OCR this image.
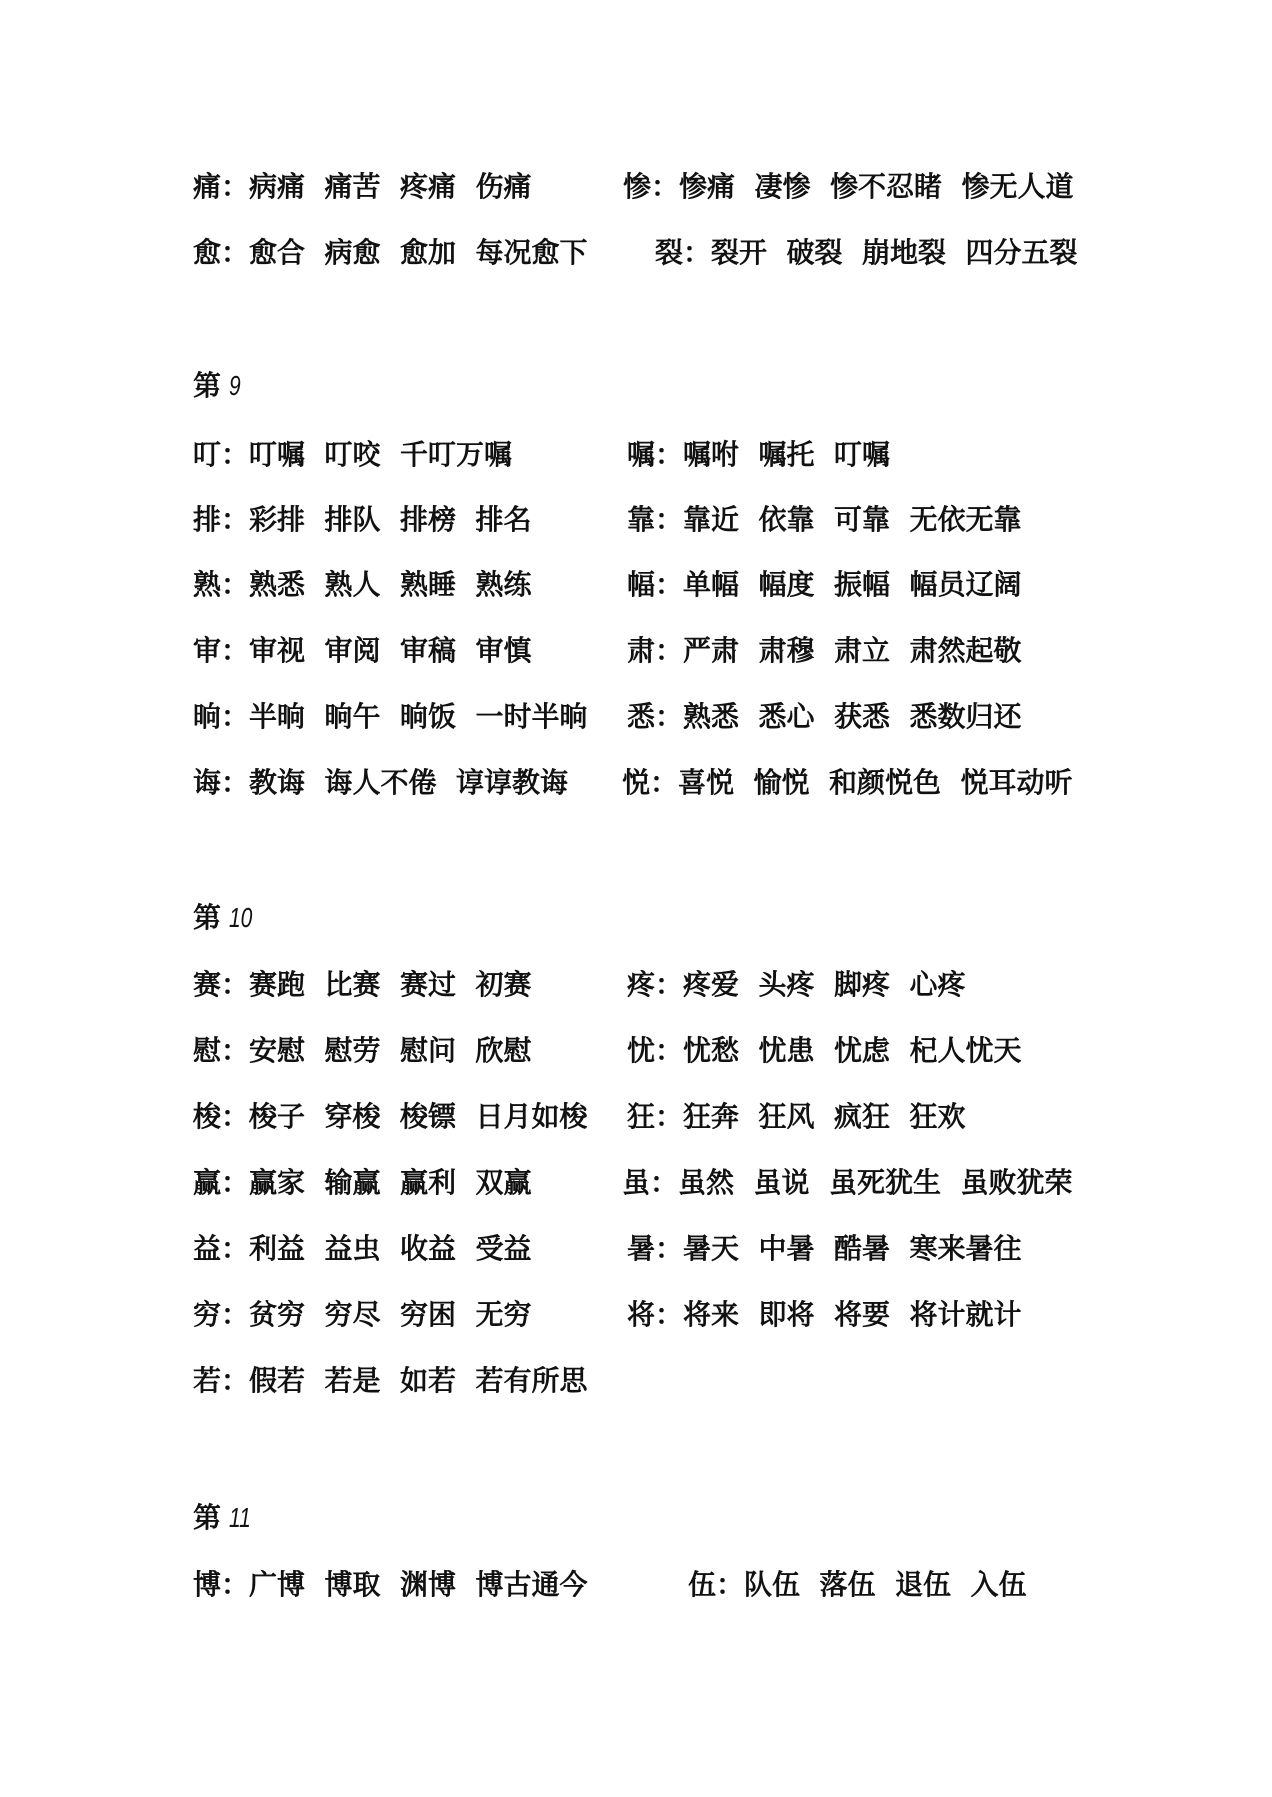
痛：病痛  痛苦  疼痛  伤痛	惨：惨痛  凄惨  惨不忍睹  惨无人道
愈：愈合  病愈  愈加  每况愈下 裂：裂开  破裂  崩地裂  四分五裂
第 9
叮：叮嘱  叮咬  千叮万嘱	嘱：嘱咐  嘱托  叮嘱
排：彩排  排队  排榜  排名	靠：靠近  依靠  可靠  无依无靠
熟：熟悉  熟人  熟睡  熟练	幅：单幅  幅度  振幅  幅员辽阔
审：审视  审阅  审稿  审慎	肃：严肃  肃穆  肃立  肃然起敬
晌：半晌  晌午  晌饭  一时半晌 悉：熟悉  悉心  获悉  悉数归还
诲：教诲  诲人不倦  谆谆教诲 悦：喜悦  愉悦  和颜悦色  悦耳动听
第 10
赛：赛跑  比赛  赛过  初赛	疼：疼爱  头疼  脚疼  心疼
慰：安慰  慰劳  慰问  欣慰	忧：忧愁  忧患  忧虑  杞人忧天
梭：梭子  穿梭  梭镖  日月如梭 狂：狂奔  狂风  疯狂  狂欢
赢：赢家  输赢  赢利  双赢	虽：虽然  虽说  虽死犹生  虽败犹荣
益：利益  益虫  收益  受益	暑：暑天  中暑  酷暑  寒来暑往
穷：贫穷  穷尽  穷困  无穷	将：将来  即将  将要  将计就计
若：假若  若是  如若  若有所思
第 11
博：广博  博取  渊博  博古通今	伍：队伍  落伍  退伍  入伍
